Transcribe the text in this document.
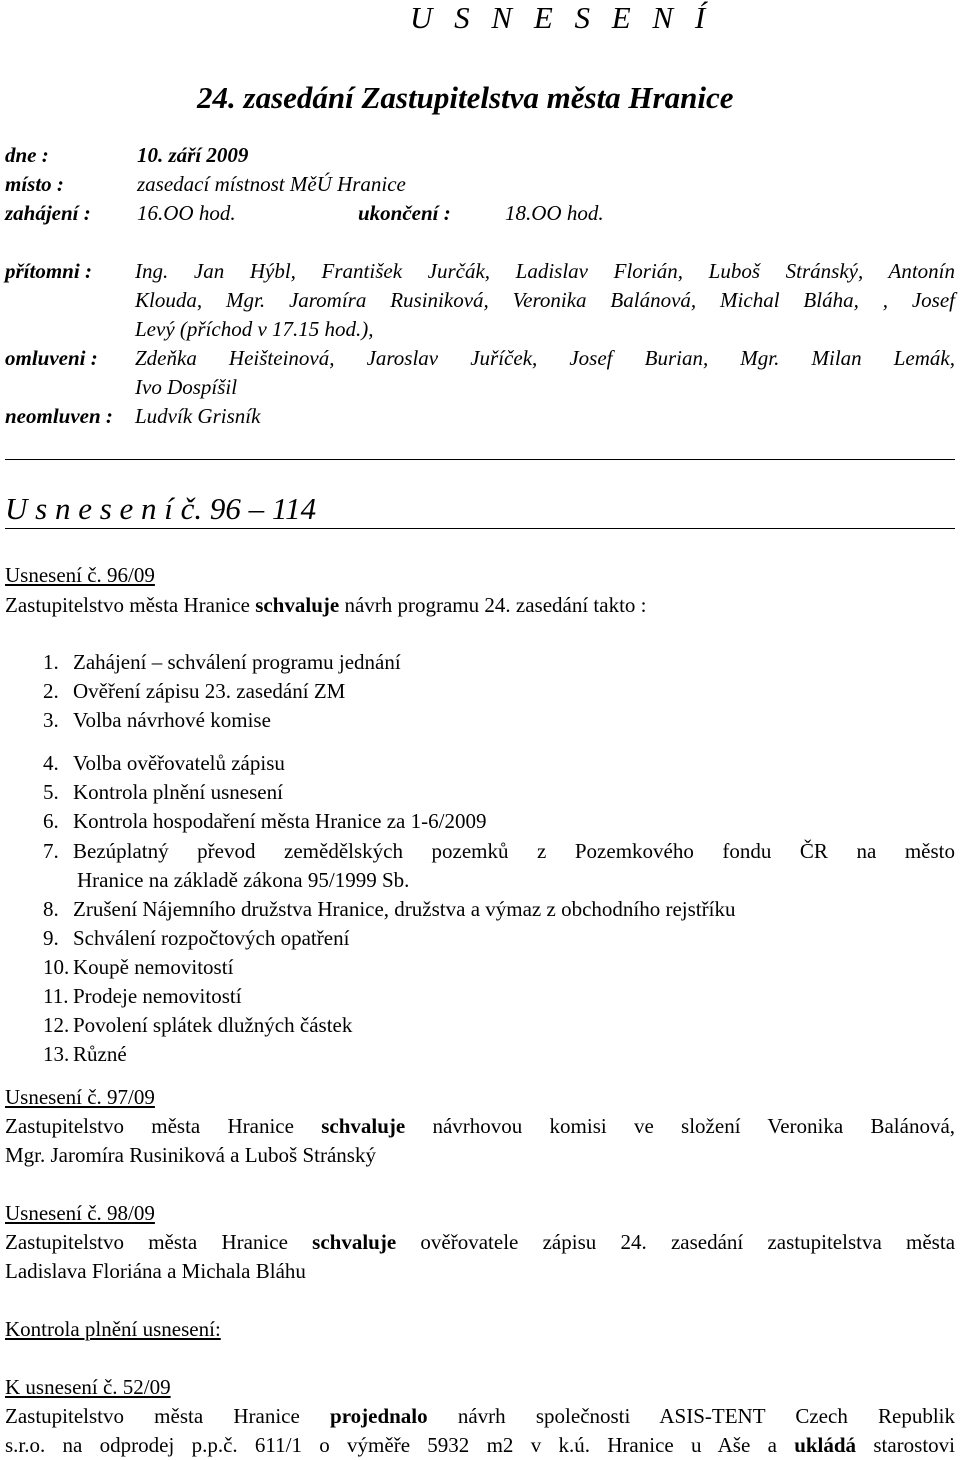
U S N E S E N Í
24. zasedání Zastupitelstva města Hranice
dne :	10. září 2009
místo :	zasedací místnost MěÚ Hranice
zahájení : 16.OO hod.	ukončení :	18.OO hod.
přítomni : Ing. Jan Hýbl, František Jurčák, Ladislav Florián, Luboš Stránský, Antonín
Klouda, Mgr. Jaromíra Rusiniková, Veronika Balánová, Michal Bláha, , Josef
Levý (příchod v 17.15 hod.),
omluveni : Zdeňka Heišteinová, Jaroslav Juříček, Josef Burian, Mgr. Milan Lemák,
Ivo Dospíšil
neomluven : Ludvík Grisník
U s n e s e n í č. 96 – 114
Usnesení č. 96/09
Zastupitelstvo města Hranice schvaluje návrh programu 24. zasedání takto :
1. Zahájení – schválení programu jednání
2. Ověření zápisu 23. zasedání ZM
3. Volba návrhové komise
4. Volba ověřovatelů zápisu
5. Kontrola plnění usnesení
6. Kontrola hospodaření města Hranice za 1-6/2009
7. Bezúplatný převod zemědělských pozemků z Pozemkového fondu ČR na město
Hranice na základě zákona 95/1999 Sb.
8. Zrušení Nájemního družstva Hranice, družstva a výmaz z obchodního rejstříku
9. Schválení rozpočtových opatření
10. Koupě nemovitostí
11. Prodeje nemovitostí
12. Povolení splátek dlužných částek
13. Různé
Usnesení č. 97/09
Zastupitelstvo města Hranice schvaluje návrhovou komisi ve složení Veronika Balánová,
Mgr. Jaromíra Rusiniková a Luboš Stránský
Usnesení č. 98/09
Zastupitelstvo města Hranice schvaluje ověřovatele zápisu 24. zasedání zastupitelstva města
Ladislava Floriána a Michala Bláhu
Kontrola plnění usnesení:
K usnesení č. 52/09
Zastupitelstvo města Hranice projednalo návrh společnosti ASIS-TENT Czech Republik
s.r.o. na odprodej p.p.č. 611/1 o výměře 5932 m2 v k.ú. Hranice u Aše a ukládá starostovi
